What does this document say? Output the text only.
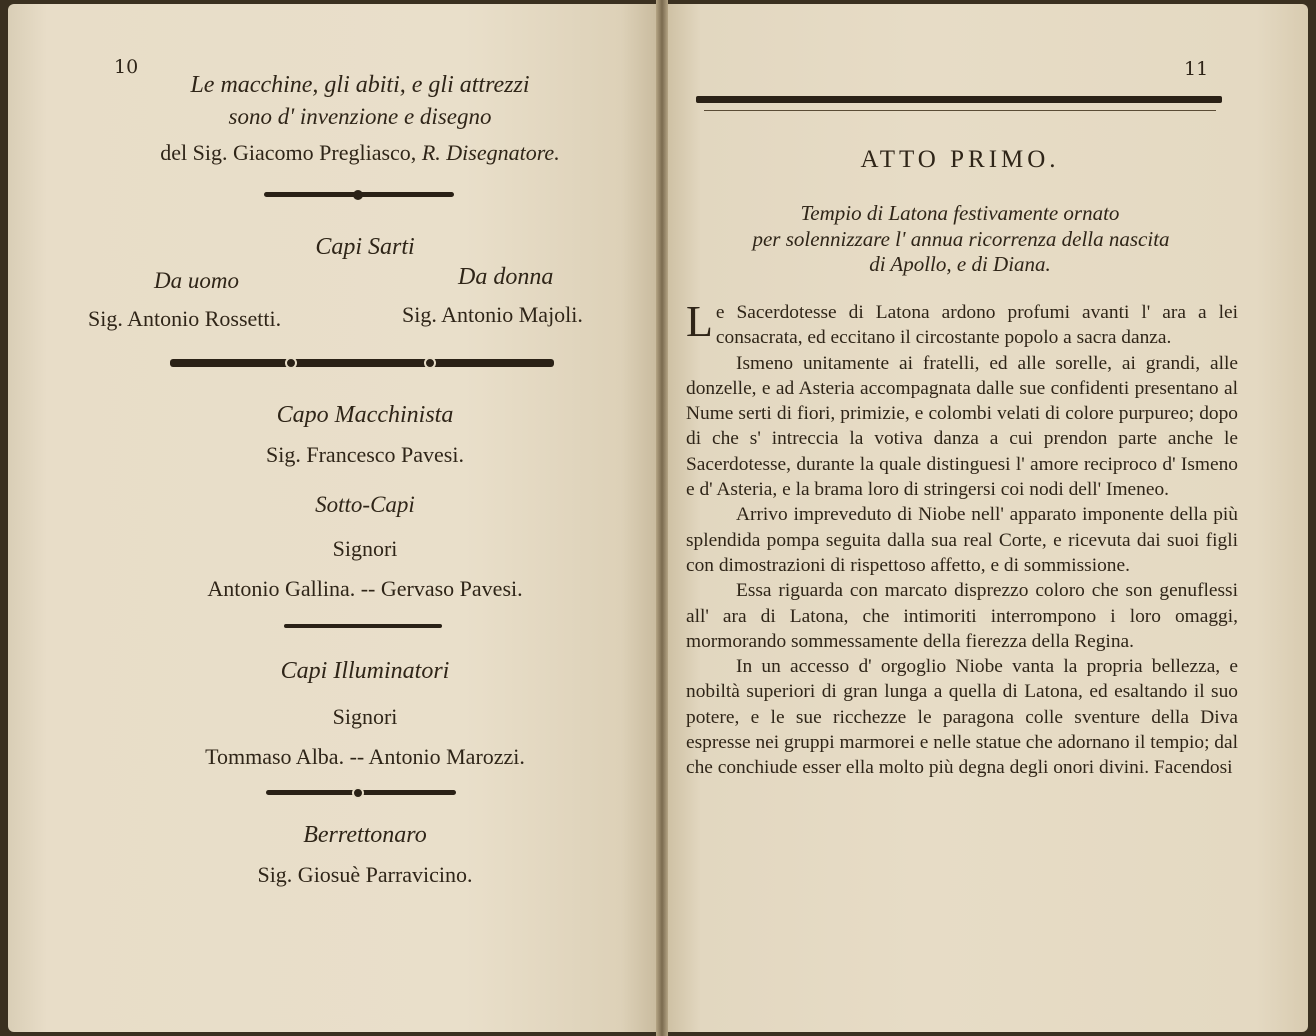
10
Le macchine, gli abiti, e gli attrezzi
sono d' invenzione e disegno
del Sig. Giacomo Pregliasco, R. Disegnatore.
Capi Sarti
Da uomo	Da donna
Sig. Antonio Rossetti.	Sig. Antonio Majoli.
Capo Macchinista
Sig. Francesco Pavesi.
Sotto-Capi
Signori
Antonio Gallina. -- Gervaso Pavesi.
Capi Illuminatori
Signori
Tommaso Alba. -- Antonio Marozzi.
Berrettonaro
Sig. Giosuè Parravicino.
11
ATTO PRIMO.
Tempio di Latona festivamente ornato
per solennizzare l' annua ricorrenza della nascita
di Apollo, e di Diana.
Le Sacerdotesse di Latona ardono profumi avanti l' ara a lei consacrata, ed eccitano il circostante popolo a sacra danza.
Ismeno unitamente ai fratelli, ed alle sorelle, ai grandi, alle donzelle, e ad Asteria accompagnata dalle sue confidenti presentano al Nume serti di fiori, primizie, e colombi velati di colore purpureo; dopo di che s' intreccia la votiva danza a cui prendon parte anche le Sacerdotesse, durante la quale distinguesi l' amore reciproco d' Ismeno e d' Asteria, e la brama loro di stringersi coi nodi dell' Imeneo.
Arrivo impreveduto di Niobe nell' apparato imponente della più splendida pompa seguita dalla sua real Corte, e ricevuta dai suoi figli con dimostrazioni di rispettoso affetto, e di sommissione.
Essa riguarda con marcato disprezzo coloro che son genuflessi all' ara di Latona, che intimoriti interrompono i loro omaggi, mormorando sommessamente della fierezza della Regina.
In un accesso d' orgoglio Niobe vanta la propria bellezza, e nobiltà superiori di gran lunga a quella di Latona, ed esaltando il suo potere, e le sue ricchezze le paragona colle sventure della Diva espresse nei gruppi marmorei e nelle statue che adornano il tempio; dal che conchiude esser ella molto più degna degli onori divini. Facendosi
